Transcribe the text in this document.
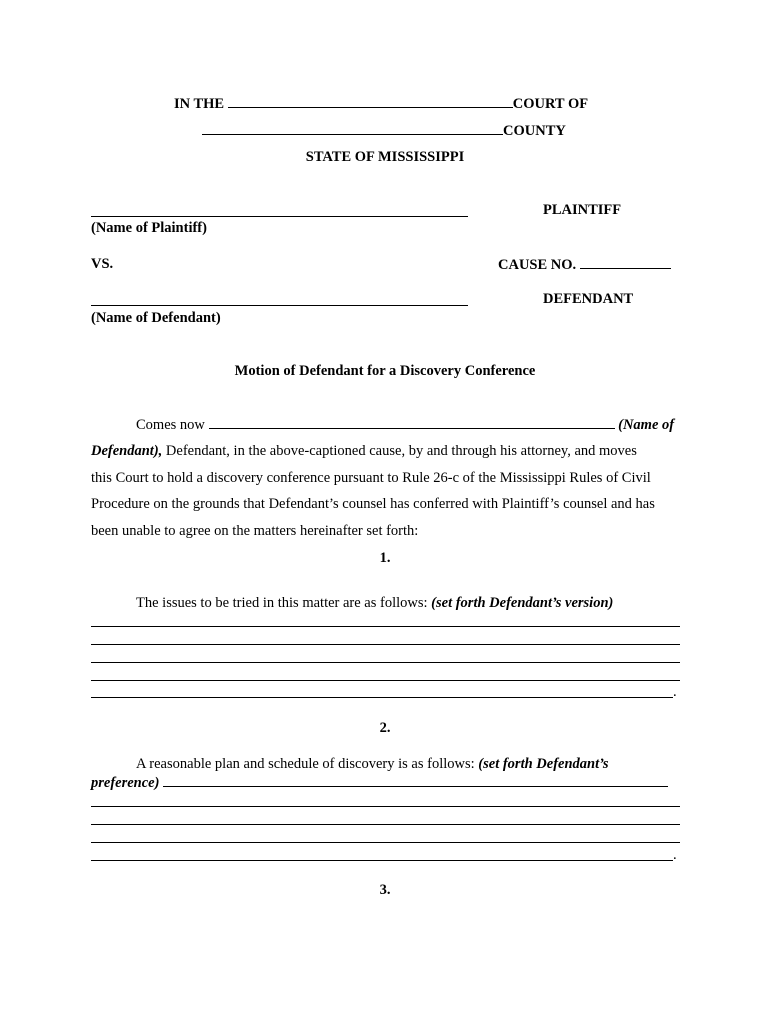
IN THE	COURT OF
COUNTY
STATE OF MISSISSIPPI
PLAINTIFF
(Name of Plaintiff)
VS.	CAUSE NO.
DEFENDANT
(Name of Defendant)
Motion of Defendant for a Discovery Conference
Comes now	(Name of
Defendant), Defendant, in the above-captioned cause, by and through his attorney, and moves
this Court to hold a discovery conference pursuant to Rule 26-c of the Mississippi Rules of Civil
Procedure on the grounds that Defendant’s counsel has conferred with Plaintiff’s counsel and has
been unable to agree on the matters hereinafter set forth:
1.
The issues to be tried in this matter are as follows: (set forth Defendant’s version)
.
2.
A reasonable plan and schedule of discovery is as follows: (set forth Defendant’s
preference)
.
3.
